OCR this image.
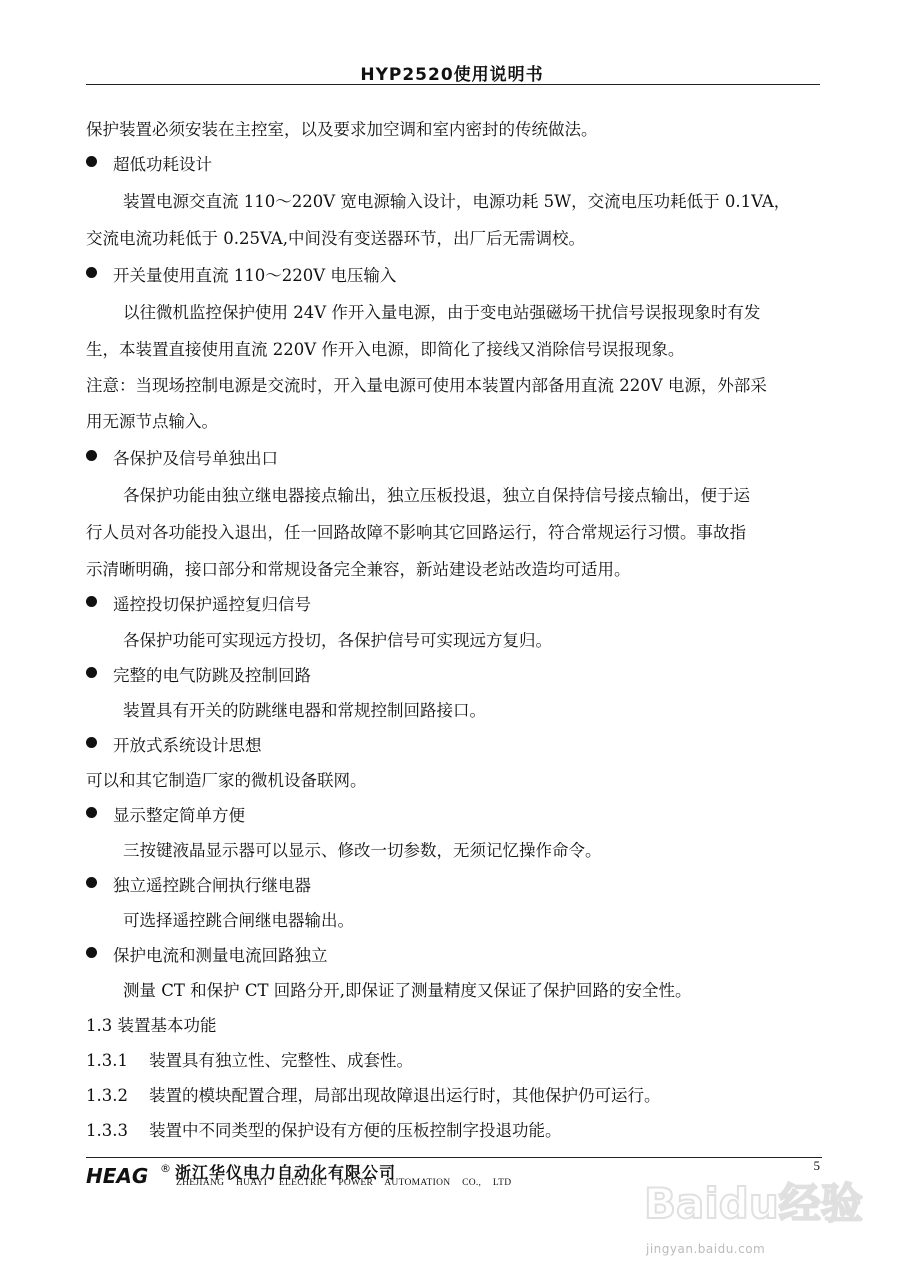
HYP2520使用说明书
保护装置必须安装在主控室，以及要求加空调和室内密封的传统做法。
超低功耗设计
装置电源交直流 110～220V 宽电源输入设计，电源功耗 5W，交流电压功耗低于 0.1VA，
交流电流功耗低于 0.25VA,中间没有变送器环节，出厂后无需调校。
开关量使用直流 110～220V 电压输入
以往微机监控保护使用 24V 作开入量电源，由于变电站强磁场干扰信号误报现象时有发
生，本装置直接使用直流 220V 作开入电源，即简化了接线又消除信号误报现象。
注意：当现场控制电源是交流时，开入量电源可使用本装置内部备用直流 220V 电源，外部采
用无源节点输入。
各保护及信号单独出口
各保护功能由独立继电器接点输出，独立压板投退，独立自保持信号接点输出，便于运
行人员对各功能投入退出，任一回路故障不影响其它回路运行，符合常规运行习惯。事故指
示清晰明确，接口部分和常规设备完全兼容，新站建设老站改造均可适用。
遥控投切保护遥控复归信号
各保护功能可实现远方投切，各保护信号可实现远方复归。
完整的电气防跳及控制回路
装置具有开关的防跳继电器和常规控制回路接口。
开放式系统设计思想
可以和其它制造厂家的微机设备联网。
显示整定简单方便
三按键液晶显示器可以显示、修改一切参数，无须记忆操作命令。
独立遥控跳合闸执行继电器
可选择遥控跳合闸继电器输出。
保护电流和测量电流回路独立
测量 CT 和保护 CT 回路分开,即保证了测量精度又保证了保护回路的安全性。
1.3 装置基本功能
1.3.1 装置具有独立性、完整性、成套性。
1.3.2 装置的模块配置合理，局部出现故障退出运行时，其他保护仍可运行。
1.3.3 装置中不同类型的保护设有方便的压板控制字投退功能。
5
HEAG ® 浙江华仪电力自动化有限公司
ZHEJIANG HUAYI ELECTRIC POWER AUTOMATION CO., LTD	Baidu经验
jingyan.baidu.com
